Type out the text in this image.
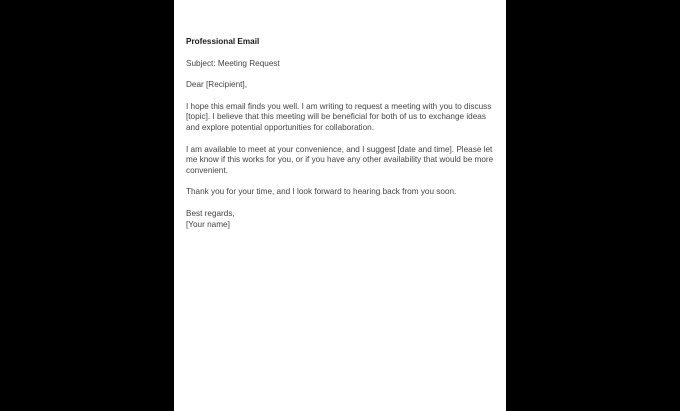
Professional Email
Subject: Meeting Request
Dear [Recipient],
I hope this email finds you well. I am writing to request a meeting with you to discuss [topic]. I believe that this meeting will be beneficial for both of us to exchange ideas and explore potential opportunities for collaboration.
I am available to meet at your convenience, and I suggest [date and time]. Please let me know if this works for you, or if you have any other availability that would be more convenient.
Thank you for your time, and I look forward to hearing back from you soon.
Best regards,
[Your name]
